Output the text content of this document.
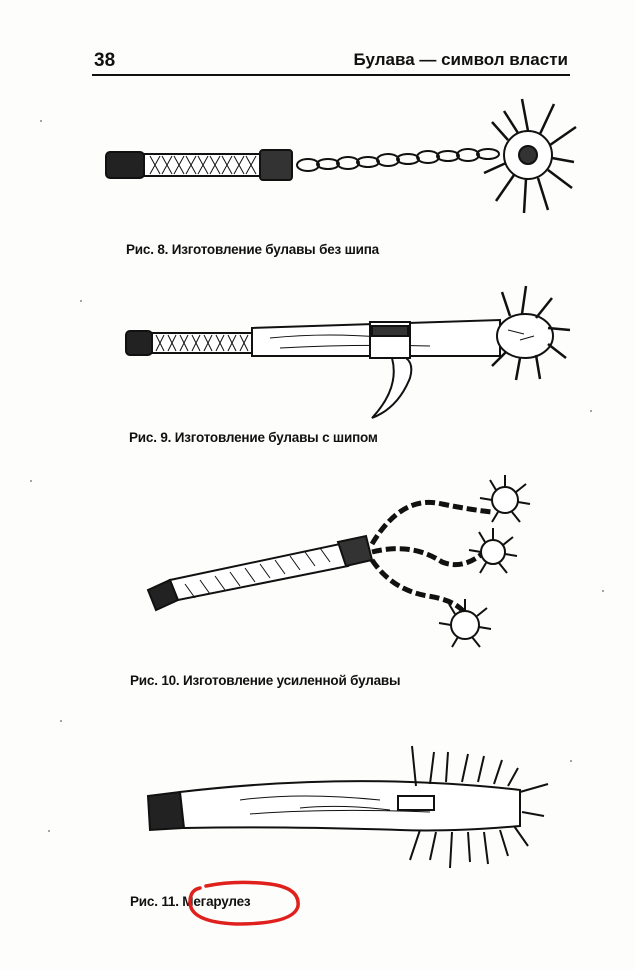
38	Булава — символ власти
Рис. 8. Изготовление булавы без шипа
Рис. 9. Изготовление булавы с шипом
Рис. 10. Изготовление усиленной булавы
Рис. 11. Мегарулез
